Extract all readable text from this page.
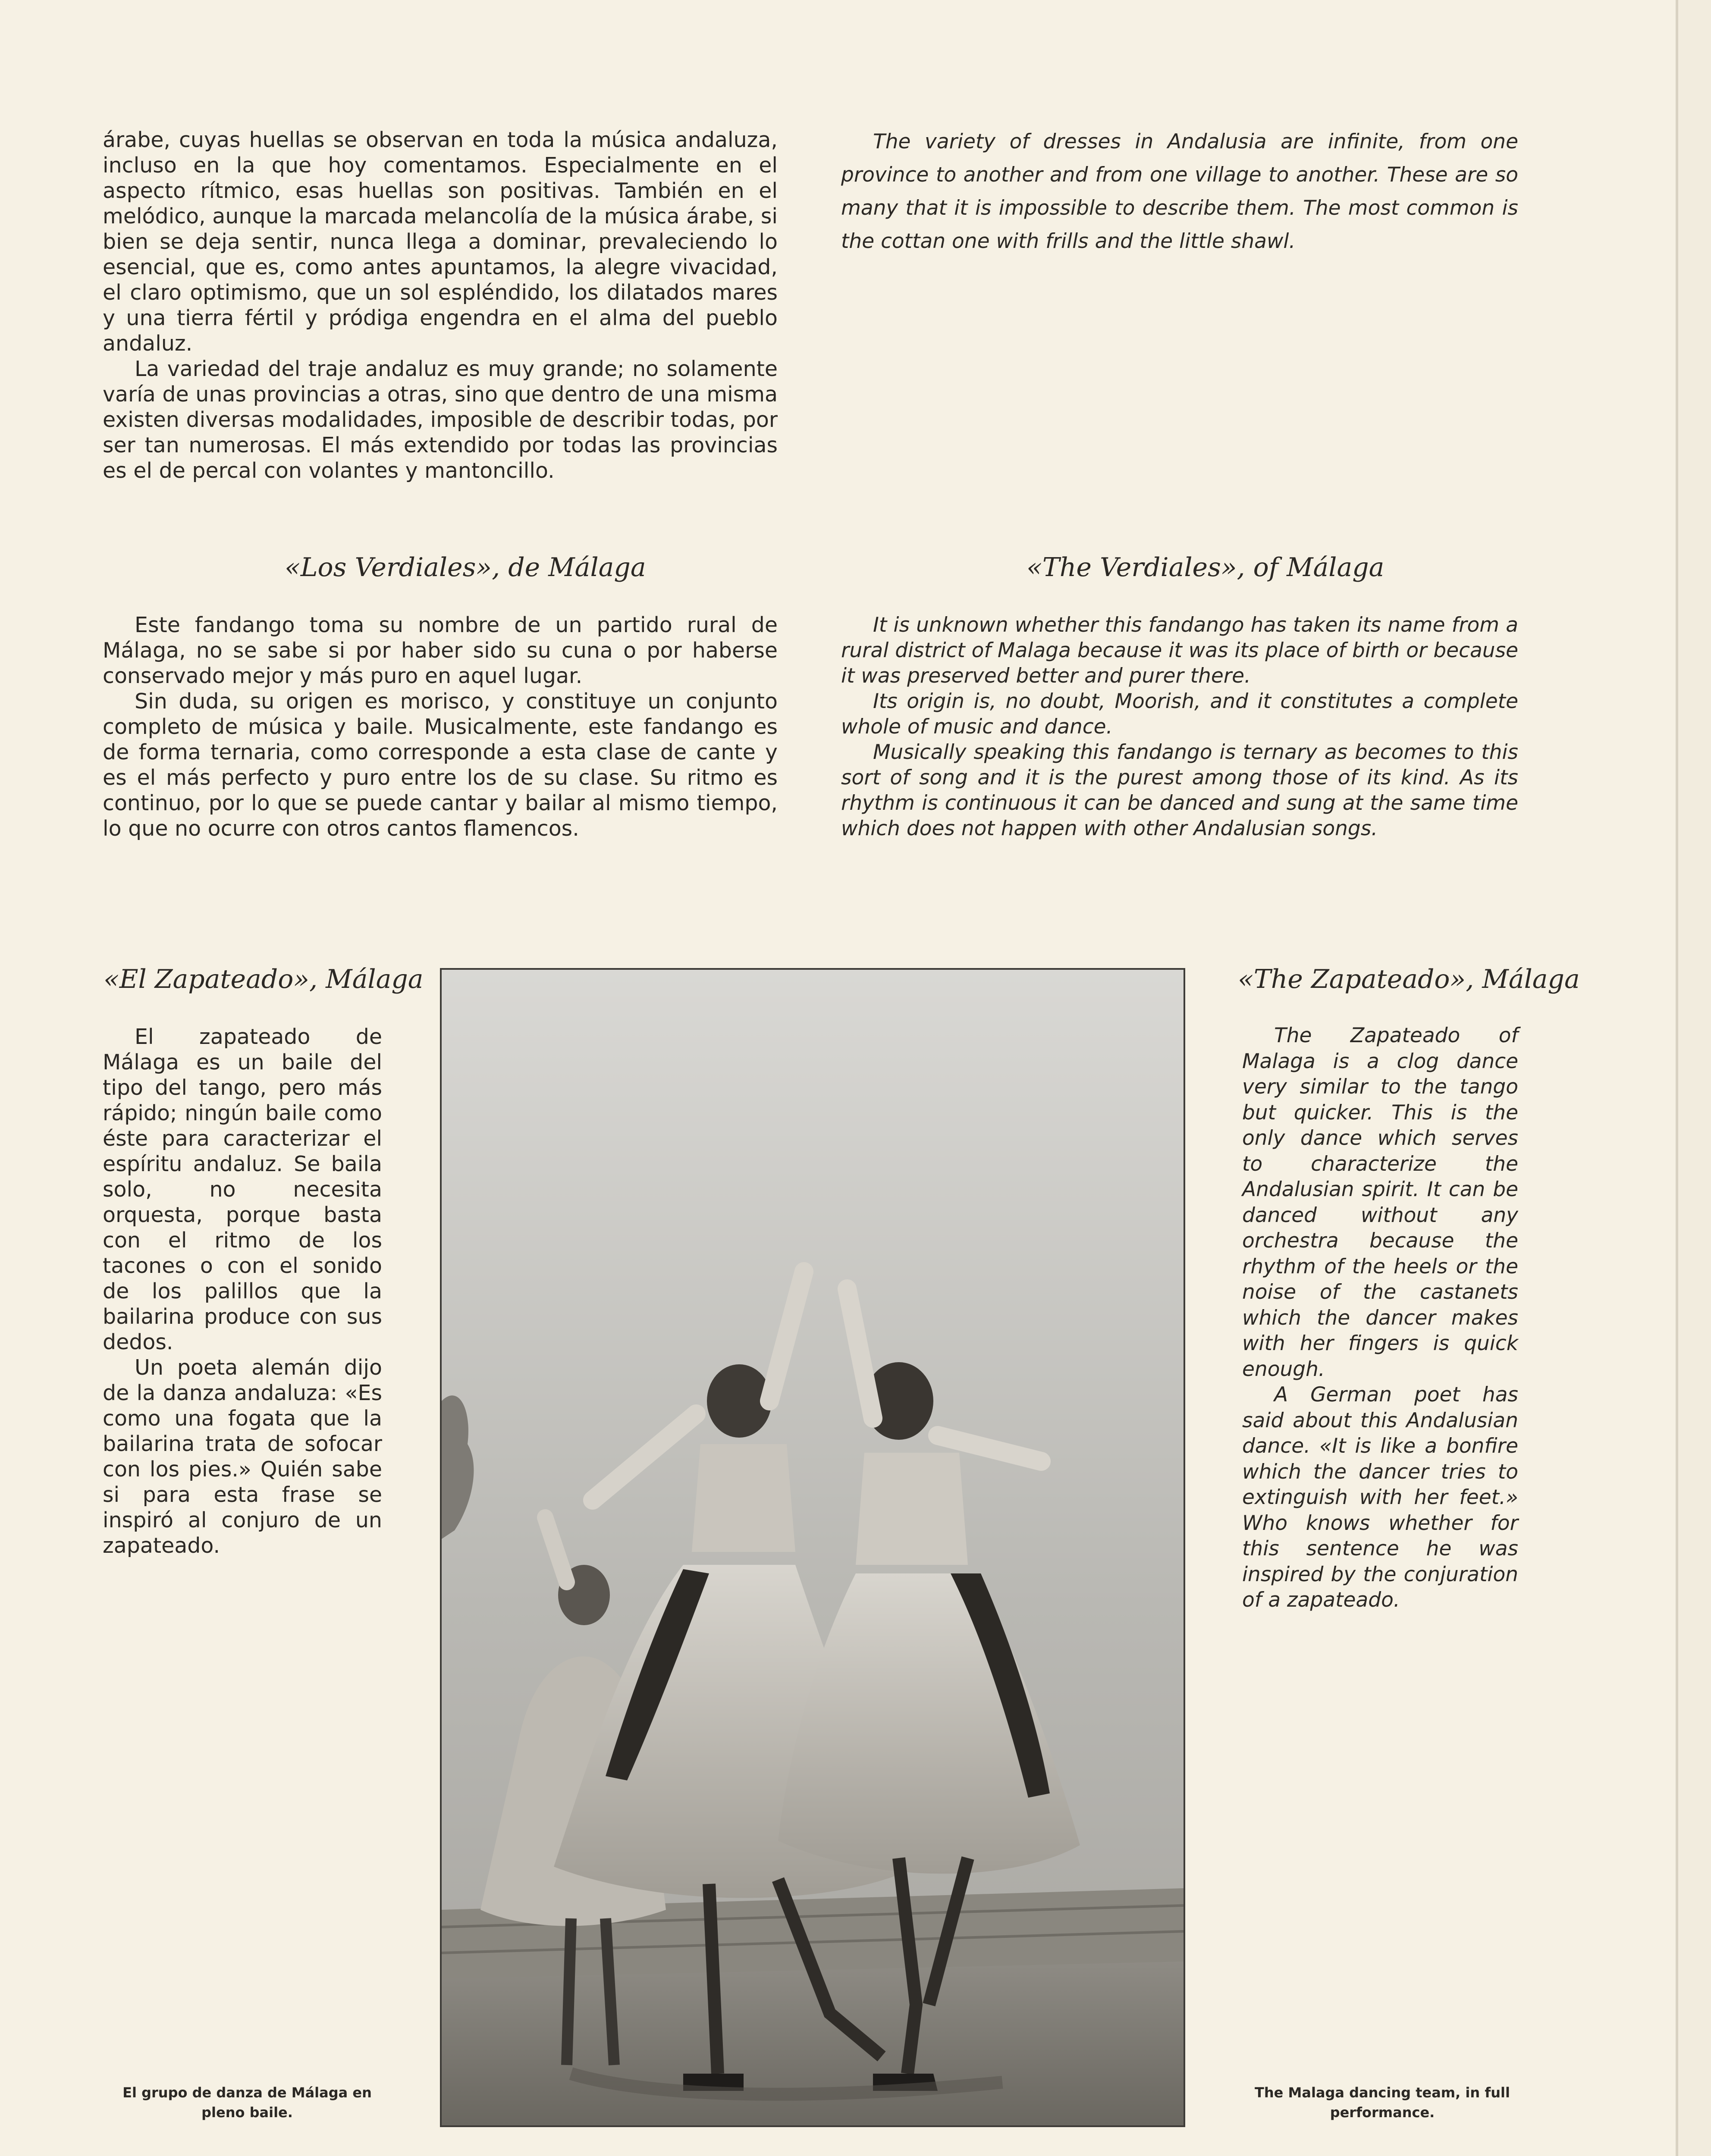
árabe, cuyas huellas se observan en toda la música andaluza, incluso en la que hoy comentamos. Especialmente en el aspecto rítmico, esas huellas son positivas. También en el melódico, aunque la marcada melancolía de la música árabe, si bien se deja sentir, nunca llega a dominar, prevaleciendo lo esencial, que es, como antes apuntamos, la alegre vivacidad, el claro optimismo, que un sol espléndido, los dilatados mares y una tierra fértil y pródiga engendra en el alma del pueblo andaluz.

La variedad del traje andaluz es muy grande; no solamente varía de unas provincias a otras, sino que dentro de una misma existen diversas modalidades, imposible de describir todas, por ser tan numerosas. El más extendido por todas las provincias es el de percal con volantes y mantoncillo.

The variety of dresses in Andalusia are infinite, from one province to another and from one village to another. These are so many that it is impossible to describe them. The most common is the cottan one with frills and the little shawl.

«Los Verdiales», de Málaga	«The Verdiales», of Málaga

Este fandango toma su nombre de un partido rural de Málaga, no se sabe si por haber sido su cuna o por haberse conservado mejor y más puro en aquel lugar.

Sin duda, su origen es morisco, y constituye un conjunto completo de música y baile. Musicalmente, este fandango es de forma ternaria, como corresponde a esta clase de cante y es el más perfecto y puro entre los de su clase. Su ritmo es continuo, por lo que se puede cantar y bailar al mismo tiempo, lo que no ocurre con otros cantos flamencos.

It is unknown whether this fandango has taken its name from a rural district of Malaga because it was its place of birth or because it was preserved better and purer there.

Its origin is, no doubt, Moorish, and it constitutes a complete whole of music and dance.

Musically speaking this fandango is ternary as becomes to this sort of song and it is the purest among those of its kind. As its rhythm is continuous it can be danced and sung at the same time which does not happen with other Andalusian songs.

«El Zapateado», Málaga	«The Zapateado», Málaga

El zapateado de Málaga es un baile del tipo del tango, pero más rápido; ningún baile como éste para caracterizar el espíritu andaluz. Se baila solo, no necesita orquesta, porque basta con el ritmo de los tacones o con el sonido de los palillos que la bailarina produce con sus dedos.

Un poeta alemán dijo de la danza andaluza: «Es como una fogata que la bailarina trata de sofocar con los pies.» Quién sabe si para esta frase se inspiró al conjuro de un zapateado.

The Zapateado of Malaga is a clog dance very similar to the tango but quicker. This is the only dance which serves to characterize the Andalusian spirit. It can be danced without any orchestra because the rhythm of the heels or the noise of the castanets which the dancer makes with her fingers is quick enough.

A German poet has said about this Andalusian dance. «It is like a bonfire which the dancer tries to extinguish with her feet.» Who knows whether for this sentence he was inspired by the conjuration of a zapateado.

El grupo de danza de Málaga en pleno baile.
The Malaga dancing team, in full performance.
